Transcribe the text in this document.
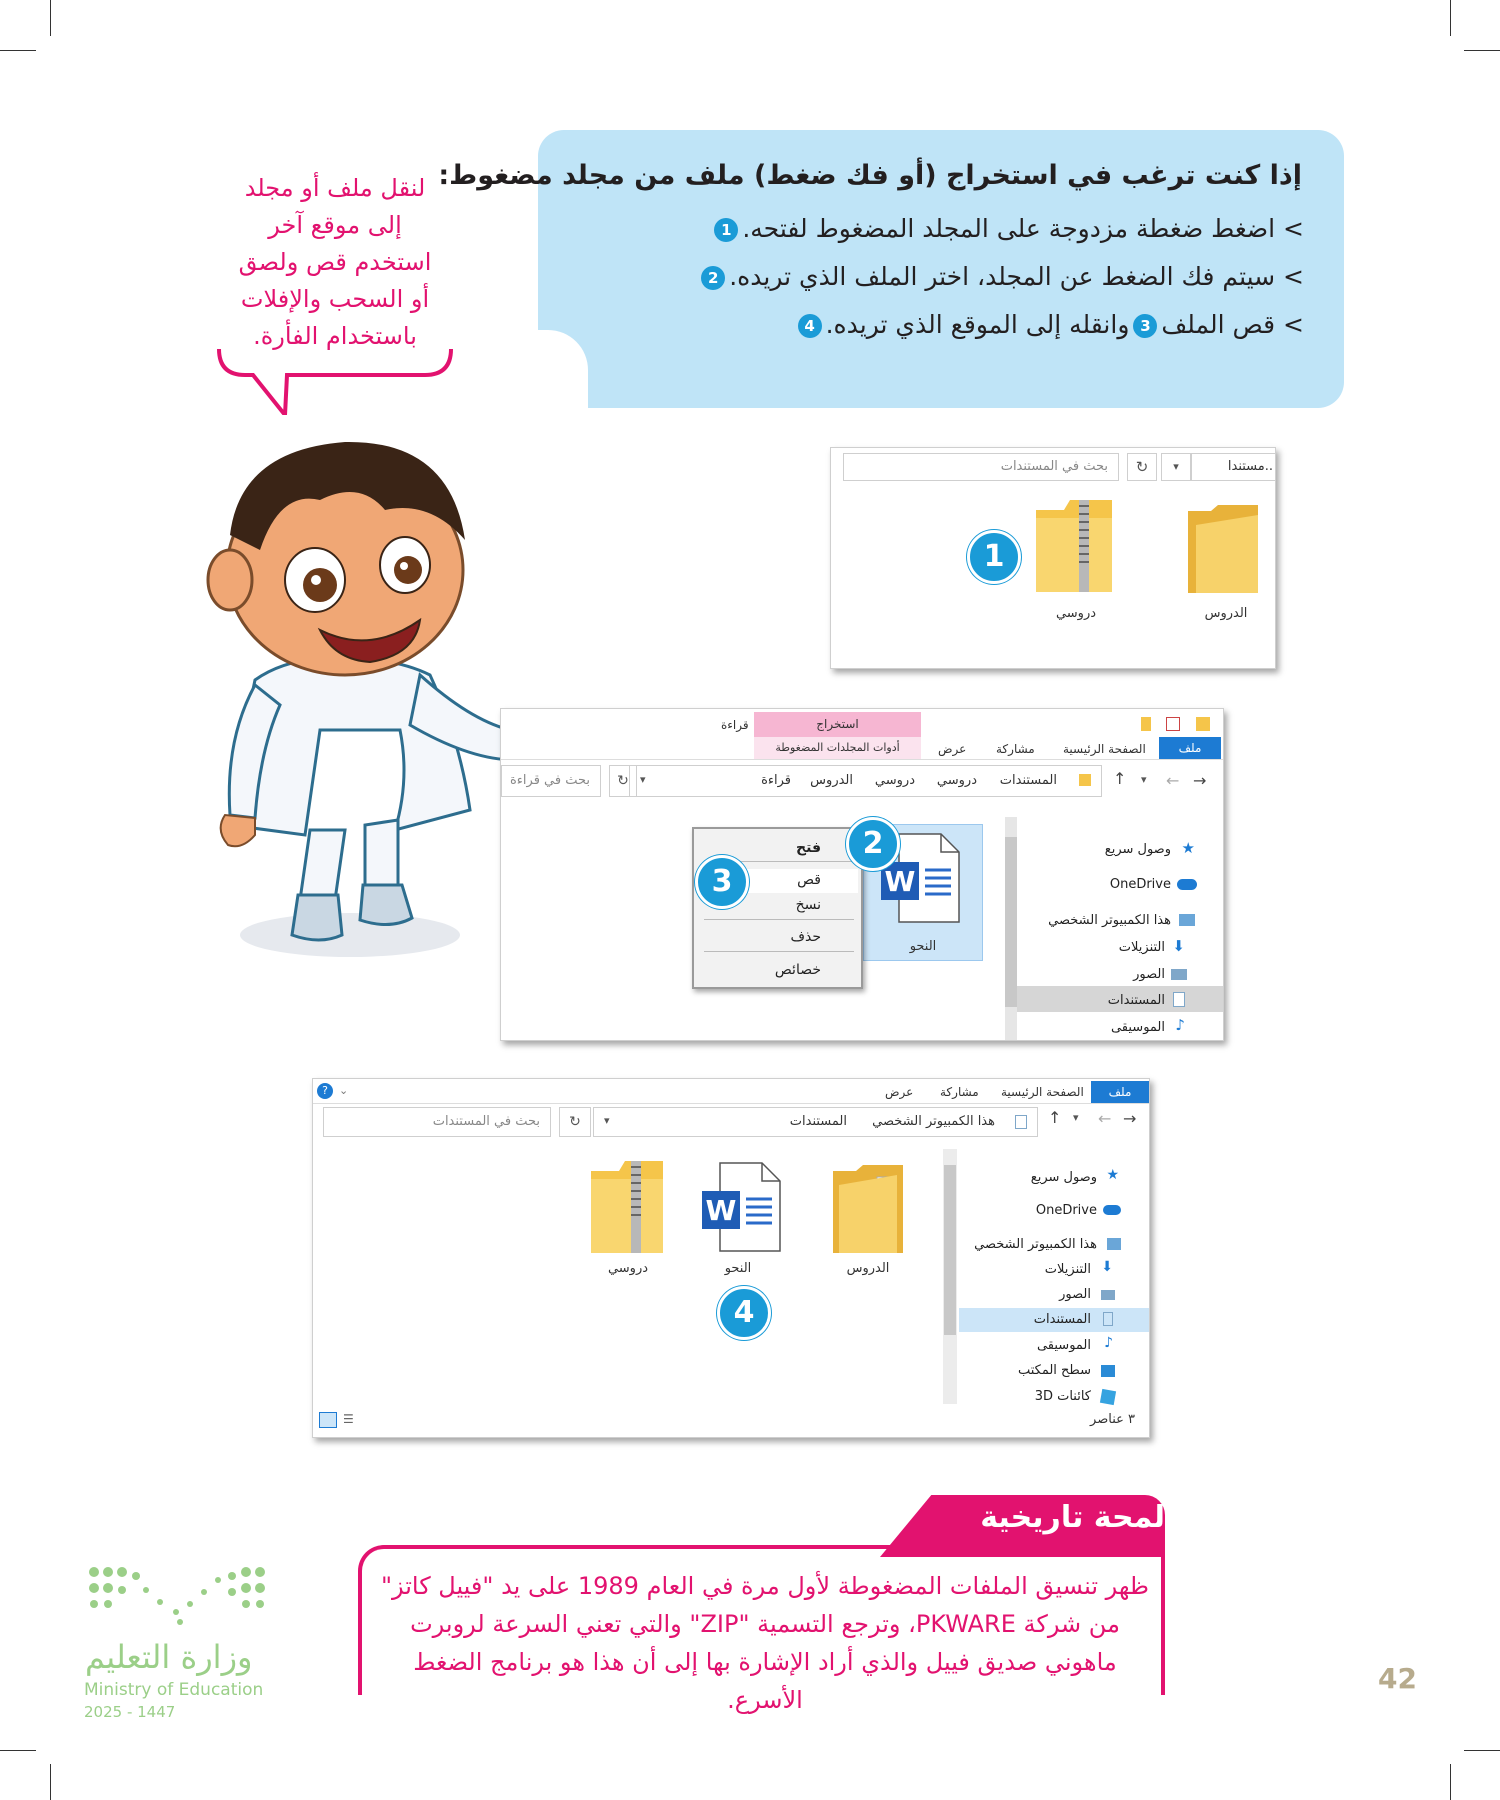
إذا كنت ترغب في استخراج (أو فك ضغط) ملف من مجلد مضغوط:
> اضغط ضغطة مزدوجة على المجلد المضغوط لفتحه.1
> سيتم فك الضغط عن المجلد، اختر الملف الذي تريده.2
> قص الملف3وانقله إلى الموقع الذي تريده.4
لنقل ملف أو مجلد
إلى موقع آخر
استخدم قص ولصق
أو السحب والإفلات
باستخدام الفأرة.
بحث في المستندات	↻	▾	..مستندا
دروسي	الدروس
1
استخراج
قراءة
أدوات المجلدات المضغوطة	عرض مشاركة الصفحة الرئيسية	ملف
→
←
▾
↑
المستندات
دروسي
دروسي
الدروس
قراءة
▾
↻
بحث في قراءة
وصول سريع ★
OneDrive
هذا الكمبيوتر الشخصي
التنزيلات ⬇
الصور
المستندات
الموسيقى ♪
W
النحو
فتح
قص
نسخ
حذف
خصائص
2
3
?	⌄	ملف
الصفحة الرئيسية
مشاركة
عرض
→
←
▾
↑
هذا الكمبيوتر الشخصي
المستندات
▾
↻
بحث في المستندات
وصول سريع
OneDrive
هذا الكمبيوتر الشخصي
التنزيلات
الصور
المستندات
الموسيقى
سطح المكتب
كائنات 3D
★
⬇
♪
دروسي
W
النحو	الدروس
☰	٣ عناصر
4
لمحة تاريخية
ظهر تنسيق الملفات المضغوطة لأول مرة في العام 1989 على يد "فييل كاتز" من شركة PKWARE، وترجع التسمية "ZIP" والتي تعني السرعة لروبرت ماهوني صديق فييل والذي أراد الإشارة بها إلى أن هذا هو برنامج الضغط الأسرع.
42
وزارة التعليم
Ministry of Education
2025 - 1447
